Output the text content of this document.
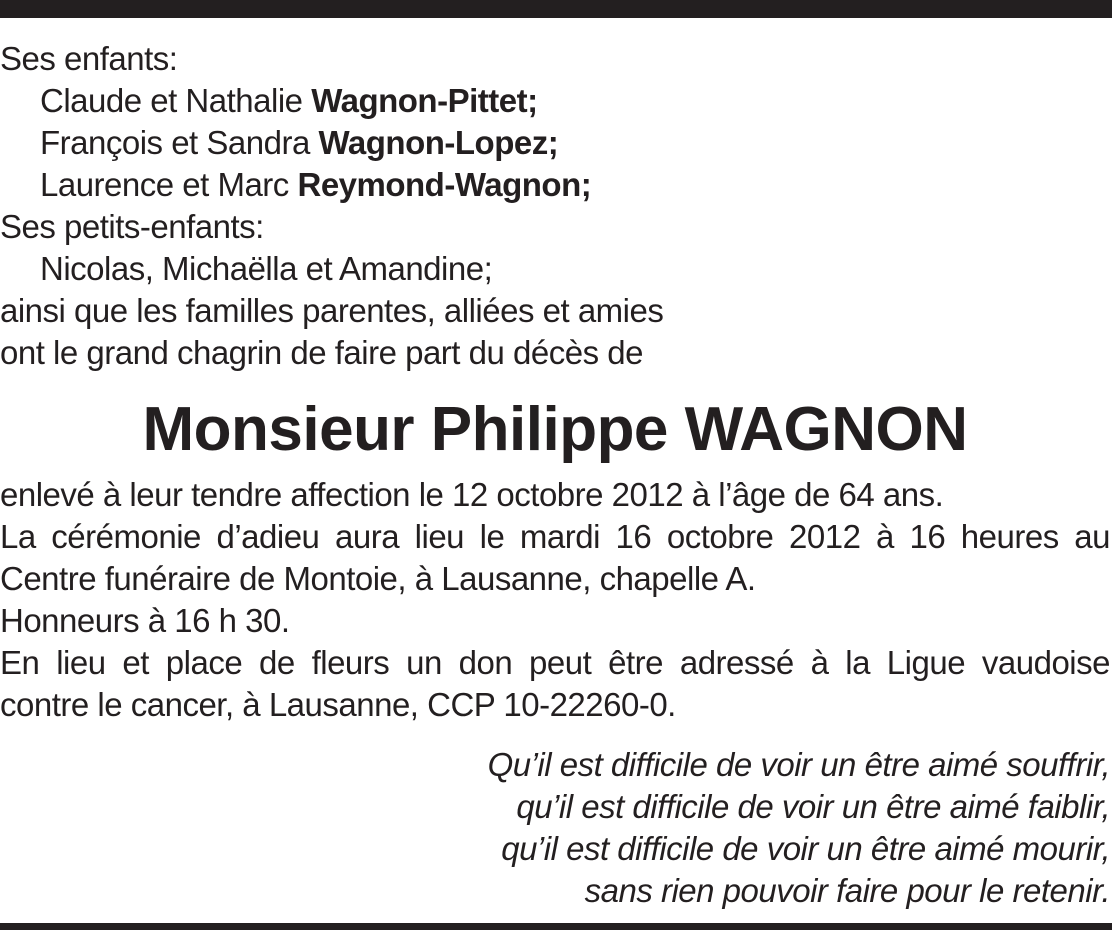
Ses enfants:
Claude et Nathalie Wagnon-Pittet;
François et Sandra Wagnon-Lopez;
Laurence et Marc Reymond-Wagnon;
Ses petits-enfants:
Nicolas, Michaëlla et Amandine;
ainsi que les familles parentes, alliées et amies
ont le grand chagrin de faire part du décès de
Monsieur Philippe WAGNON
enlevé à leur tendre affection le 12 octobre 2012 à l’âge de 64 ans.
La cérémonie d’adieu aura lieu le mardi 16 octobre 2012 à 16 heures au
Centre funéraire de Montoie, à Lausanne, chapelle A.
Honneurs à 16 h 30.
En lieu et place de fleurs un don peut être adressé à la Ligue vaudoise
contre le cancer, à Lausanne, CCP 10-22260-0.
Qu’il est difficile de voir un être aimé souffrir,
qu’il est difficile de voir un être aimé faiblir,
qu’il est difficile de voir un être aimé mourir,
sans rien pouvoir faire pour le retenir.
